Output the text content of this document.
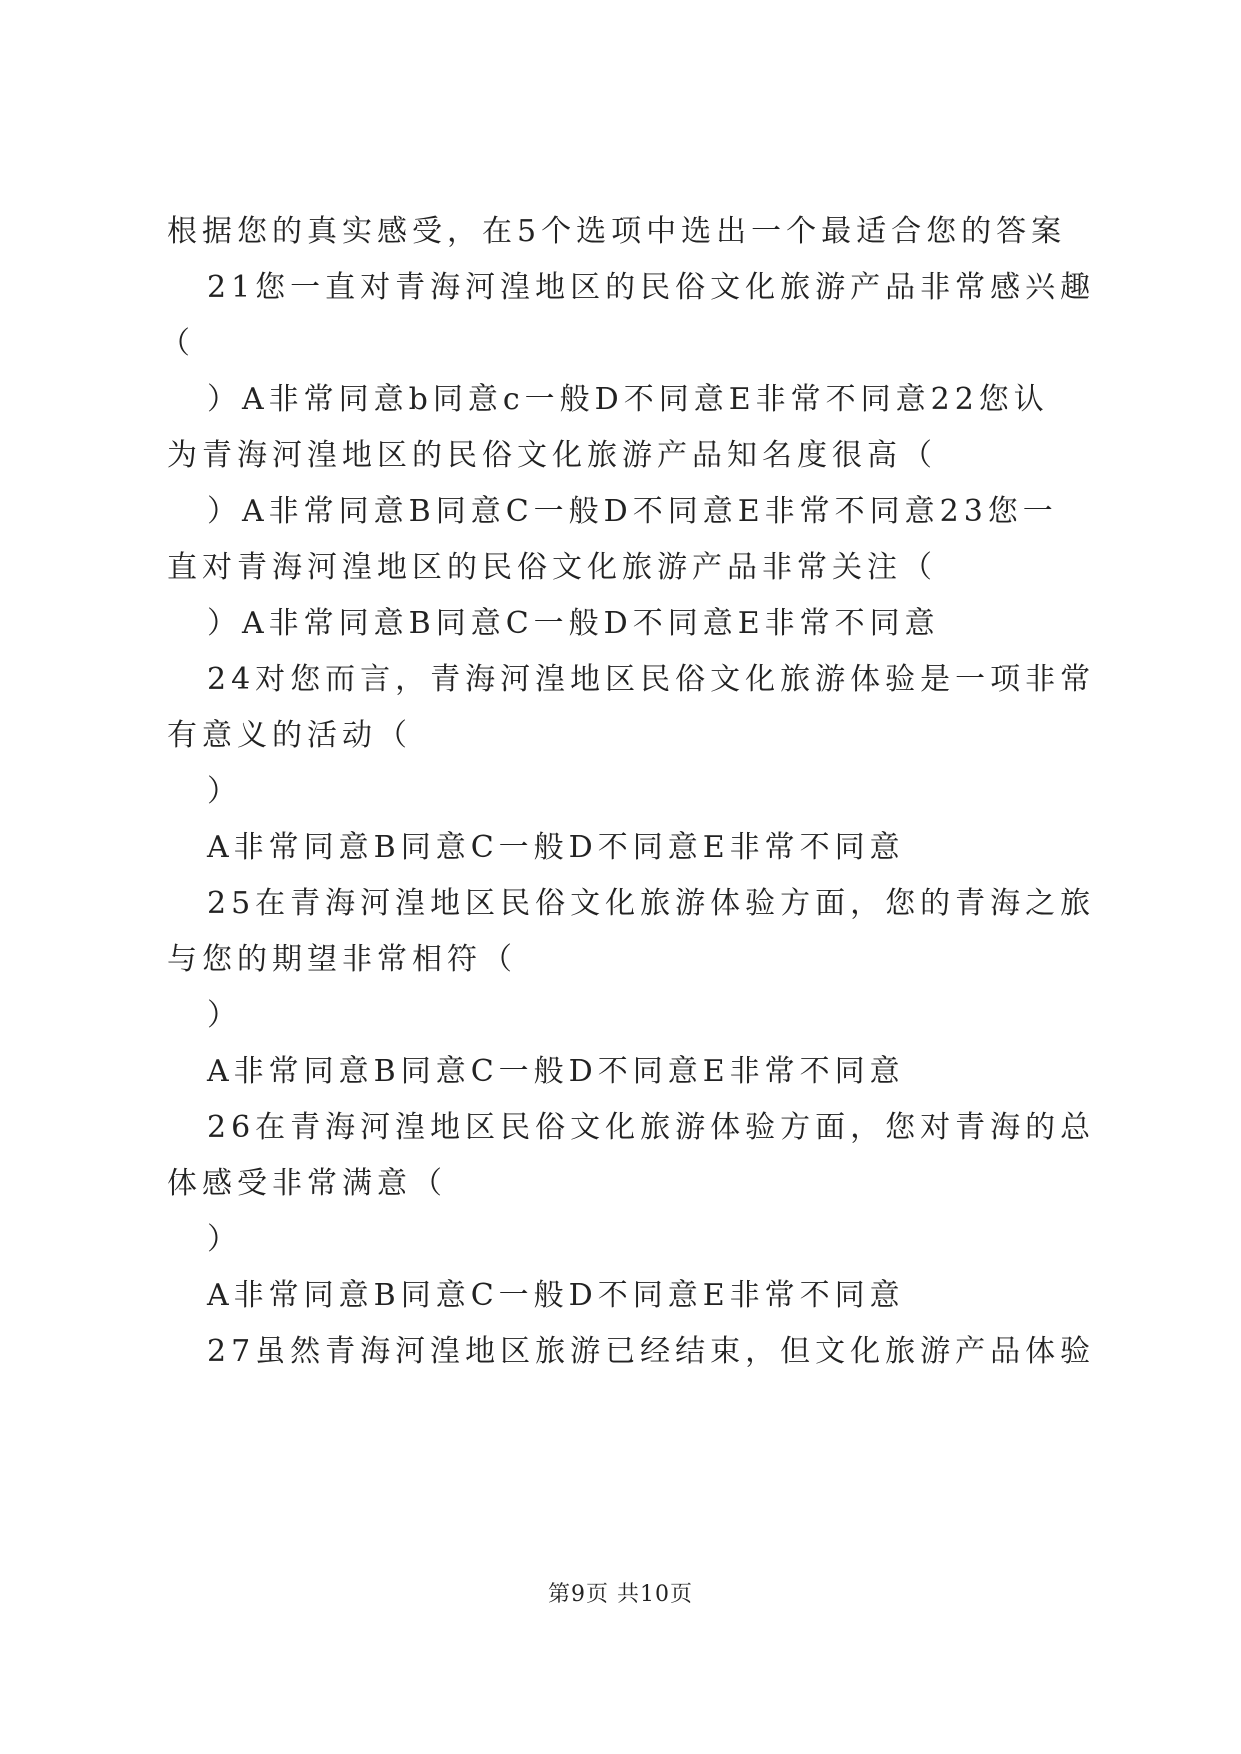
根据您的真实感受，在5个选项中选出一个最适合您的答案
21您一直对青海河湟地区的民俗文化旅游产品非常感兴趣
（
）A非常同意b同意c一般D不同意E非常不同意22您认
为青海河湟地区的民俗文化旅游产品知名度很高（
）A非常同意B同意C一般D不同意E非常不同意23您一
直对青海河湟地区的民俗文化旅游产品非常关注（
）A非常同意B同意C一般D不同意E非常不同意
24对您而言，青海河湟地区民俗文化旅游体验是一项非常
有意义的活动（
）
A非常同意B同意C一般D不同意E非常不同意
25在青海河湟地区民俗文化旅游体验方面，您的青海之旅
与您的期望非常相符（
）
A非常同意B同意C一般D不同意E非常不同意
26在青海河湟地区民俗文化旅游体验方面，您对青海的总
体感受非常满意（
）
A非常同意B同意C一般D不同意E非常不同意
27虽然青海河湟地区旅游已经结束，但文化旅游产品体验
第9页 共10页
